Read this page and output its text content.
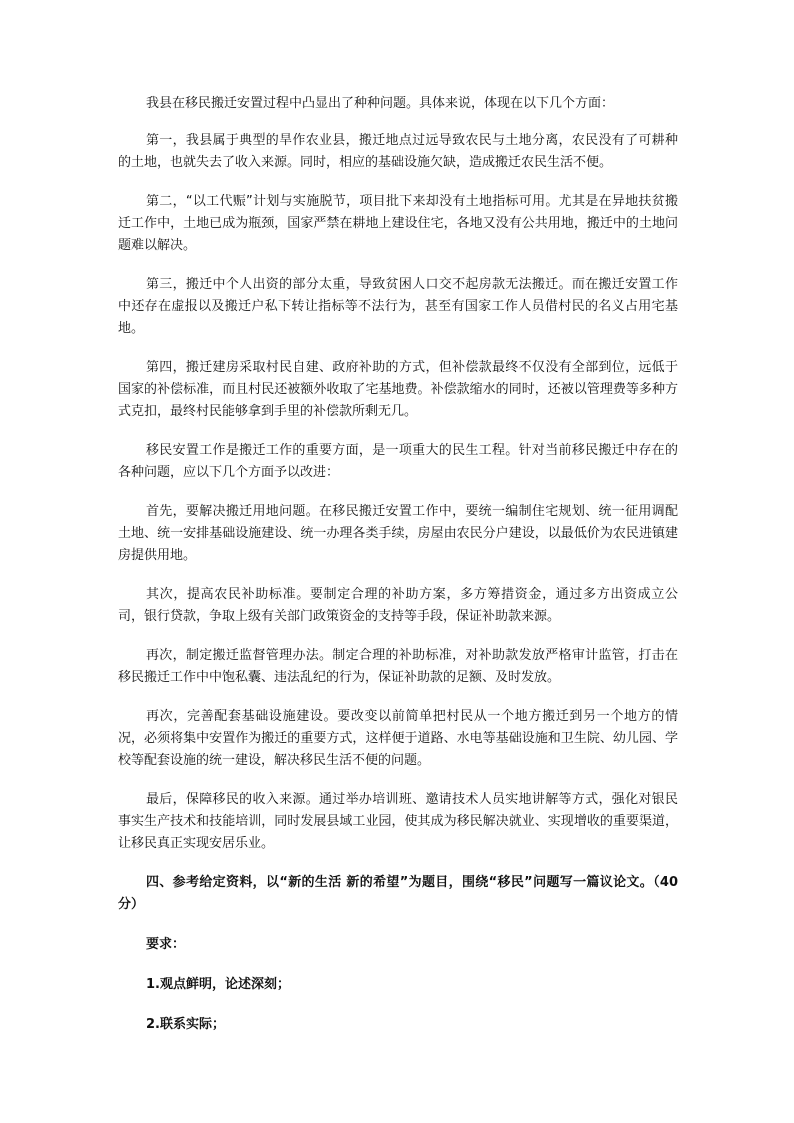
我县在移民搬迁安置过程中凸显出了种种问题。具体来说，体现在以下几个方面：

第一，我县属于典型的旱作农业县，搬迁地点过远导致农民与土地分离，农民没有了可耕种的土地，也就失去了收入来源。同时，相应的基础设施欠缺，造成搬迁农民生活不便。

第二，“以工代赈”计划与实施脱节，项目批下来却没有土地指标可用。尤其是在异地扶贫搬迁工作中，土地已成为瓶颈，国家严禁在耕地上建设住宅，各地又没有公共用地，搬迁中的土地问题难以解决。

第三，搬迁中个人出资的部分太重，导致贫困人口交不起房款无法搬迁。而在搬迁安置工作中还存在虚报以及搬迁户私下转让指标等不法行为，甚至有国家工作人员借村民的名义占用宅基地。

第四，搬迁建房采取村民自建、政府补助的方式，但补偿款最终不仅没有全部到位，远低于国家的补偿标准，而且村民还被额外收取了宅基地费。补偿款缩水的同时，还被以管理费等多种方式克扣，最终村民能够拿到手里的补偿款所剩无几。

移民安置工作是搬迁工作的重要方面，是一项重大的民生工程。针对当前移民搬迁中存在的各种问题，应以下几个方面予以改进：

首先，要解决搬迁用地问题。在移民搬迁安置工作中，要统一编制住宅规划、统一征用调配土地、统一安排基础设施建设、统一办理各类手续，房屋由农民分户建设，以最低价为农民进镇建房提供用地。

其次，提高农民补助标准。要制定合理的补助方案，多方筹措资金，通过多方出资成立公司，银行贷款，争取上级有关部门政策资金的支持等手段，保证补助款来源。

再次，制定搬迁监督管理办法。制定合理的补助标准，对补助款发放严格审计监管，打击在移民搬迁工作中中饱私囊、违法乱纪的行为，保证补助款的足额、及时发放。

再次，完善配套基础设施建设。要改变以前简单把村民从一个地方搬迁到另一个地方的情况，必须将集中安置作为搬迁的重要方式，这样便于道路、水电等基础设施和卫生院、幼儿园、学校等配套设施的统一建设，解决移民生活不便的问题。

最后，保障移民的收入来源。通过举办培训班、邀请技术人员实地讲解等方式，强化对银民事实生产技术和技能培训，同时发展县域工业园，使其成为移民解决就业、实现增收的重要渠道，让移民真正实现安居乐业。

四、参考给定资料，以“新的生活 新的希望”为题目，围绕“移民”问题写一篇议论文。（40分）

要求：

1.观点鲜明，论述深刻；

2.联系实际；
